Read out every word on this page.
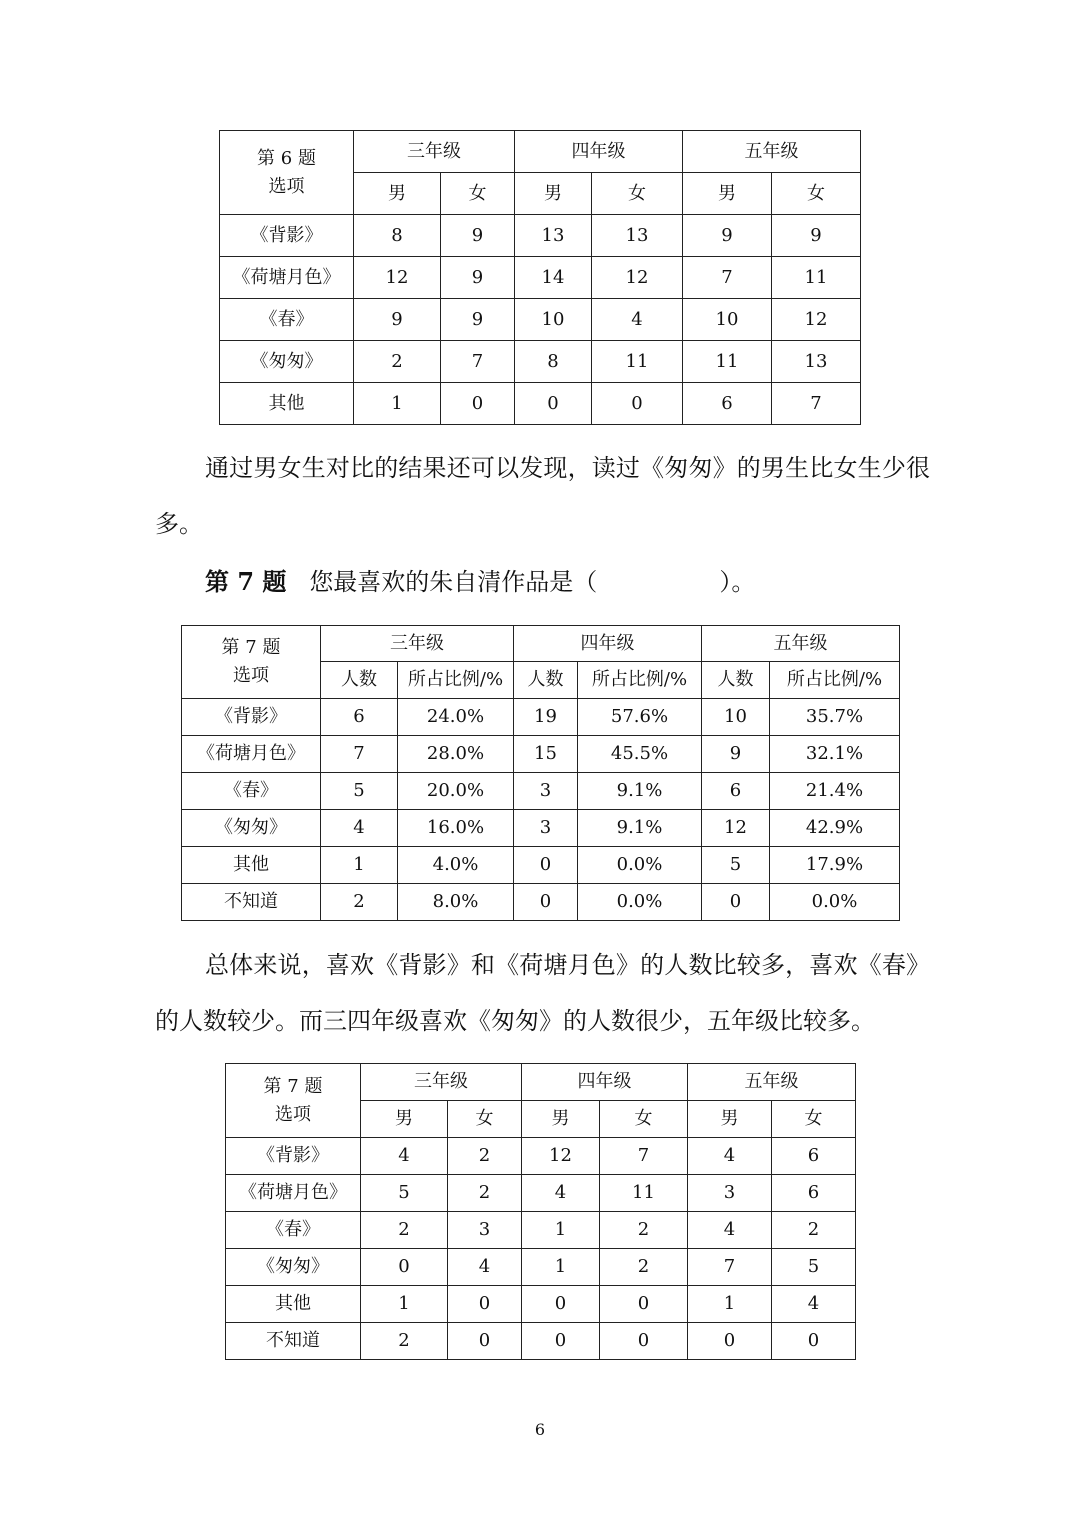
第 6 题
选项	三年级		四年级		五年级	
	男	女	男	女	男	女
《背影》	8	9	13	13	9	9
《荷塘月色》	12	9	14	12	7	11
《春》	9	9	10	4	10	12
《匆匆》	2	7	8	11	11	13
其他	1	0	0	0	6	7

通过男女生对比的结果还可以发现，读过《匆匆》的男生比女生少很多。

第 7 题 您最喜欢的朱自清作品是（                ）。
第 7 题
选项	三年级		四年级		五年级	
	人数	所占比例/%	人数	所占比例/%	人数	所占比例/%
《背影》	6	24.0%	19	57.6%	10	35.7%
《荷塘月色》	7	28.0%	15	45.5%	9	32.1%
《春》	5	20.0%	3	9.1%	6	21.4%
《匆匆》	4	16.0%	3	9.1%	12	42.9%
其他	1	4.0%	0	0.0%	5	17.9%
不知道	2	8.0%	0	0.0%	0	0.0%

总体来说，喜欢《背影》和《荷塘月色》的人数比较多，喜欢《春》的人数较少。而三四年级喜欢《匆匆》的人数很少，五年级比较多。

第 7 题
选项	三年级		四年级		五年级	
	男	女	男	女	男	女
《背影》	4	2	12	7	4	6
《荷塘月色》	5	2	4	11	3	6
《春》	2	3	1	2	4	2
《匆匆》	0	4	1	2	7	5
其他	1	0	0	0	1	4
不知道	2	0	0	0	0	0
6
